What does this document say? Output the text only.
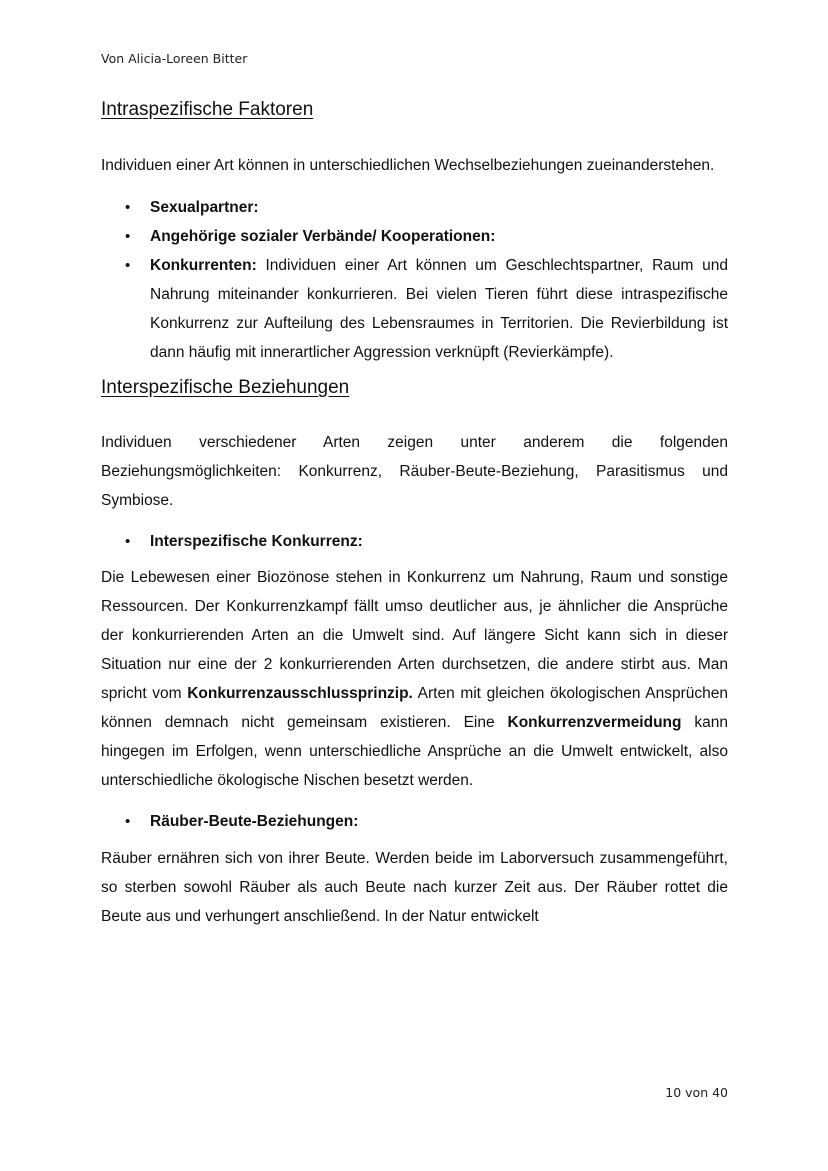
Von Alicia-Loreen Bitter
Intraspezifische Faktoren

Individuen einer Art können in unterschiedlichen Wechselbeziehungen zueinanderstehen.

• Sexualpartner:
• Angehörige sozialer Verbände/ Kooperationen:
• Konkurrenten: Individuen einer Art können um Geschlechtspartner, Raum und Nahrung miteinander konkurrieren. Bei vielen Tieren führt diese intraspezifische Konkurrenz zur Aufteilung des Lebensraumes in Territorien. Die Revierbildung ist dann häufig mit innerartlicher Aggression verknüpft (Revierkämpfe).
Interspezifische Beziehungen

Individuen verschiedener Arten zeigen unter anderem die folgenden Beziehungsmöglichkeiten: Konkurrenz, Räuber-Beute-Beziehung, Parasitismus und Symbiose.

• Interspezifische Konkurrenz:

Die Lebewesen einer Biozönose stehen in Konkurrenz um Nahrung, Raum und sonstige Ressourcen. Der Konkurrenzkampf fällt umso deutlicher aus, je ähnlicher die Ansprüche der konkurrierenden Arten an die Umwelt sind. Auf längere Sicht kann sich in dieser Situation nur eine der 2 konkurrierenden Arten durchsetzen, die andere stirbt aus. Man spricht vom Konkurrenzausschlussprinzip. Arten mit gleichen ökologischen Ansprüchen können demnach nicht gemeinsam existieren. Eine Konkurrenzvermeidung kann hingegen im Erfolgen, wenn unterschiedliche Ansprüche an die Umwelt entwickelt, also unterschiedliche ökologische Nischen besetzt werden.

• Räuber-Beute-Beziehungen:

Räuber ernähren sich von ihrer Beute. Werden beide im Laborversuch zusammengeführt, so sterben sowohl Räuber als auch Beute nach kurzer Zeit aus. Der Räuber rottet die Beute aus und verhungert anschließend. In der Natur entwickelt

10 von 40
